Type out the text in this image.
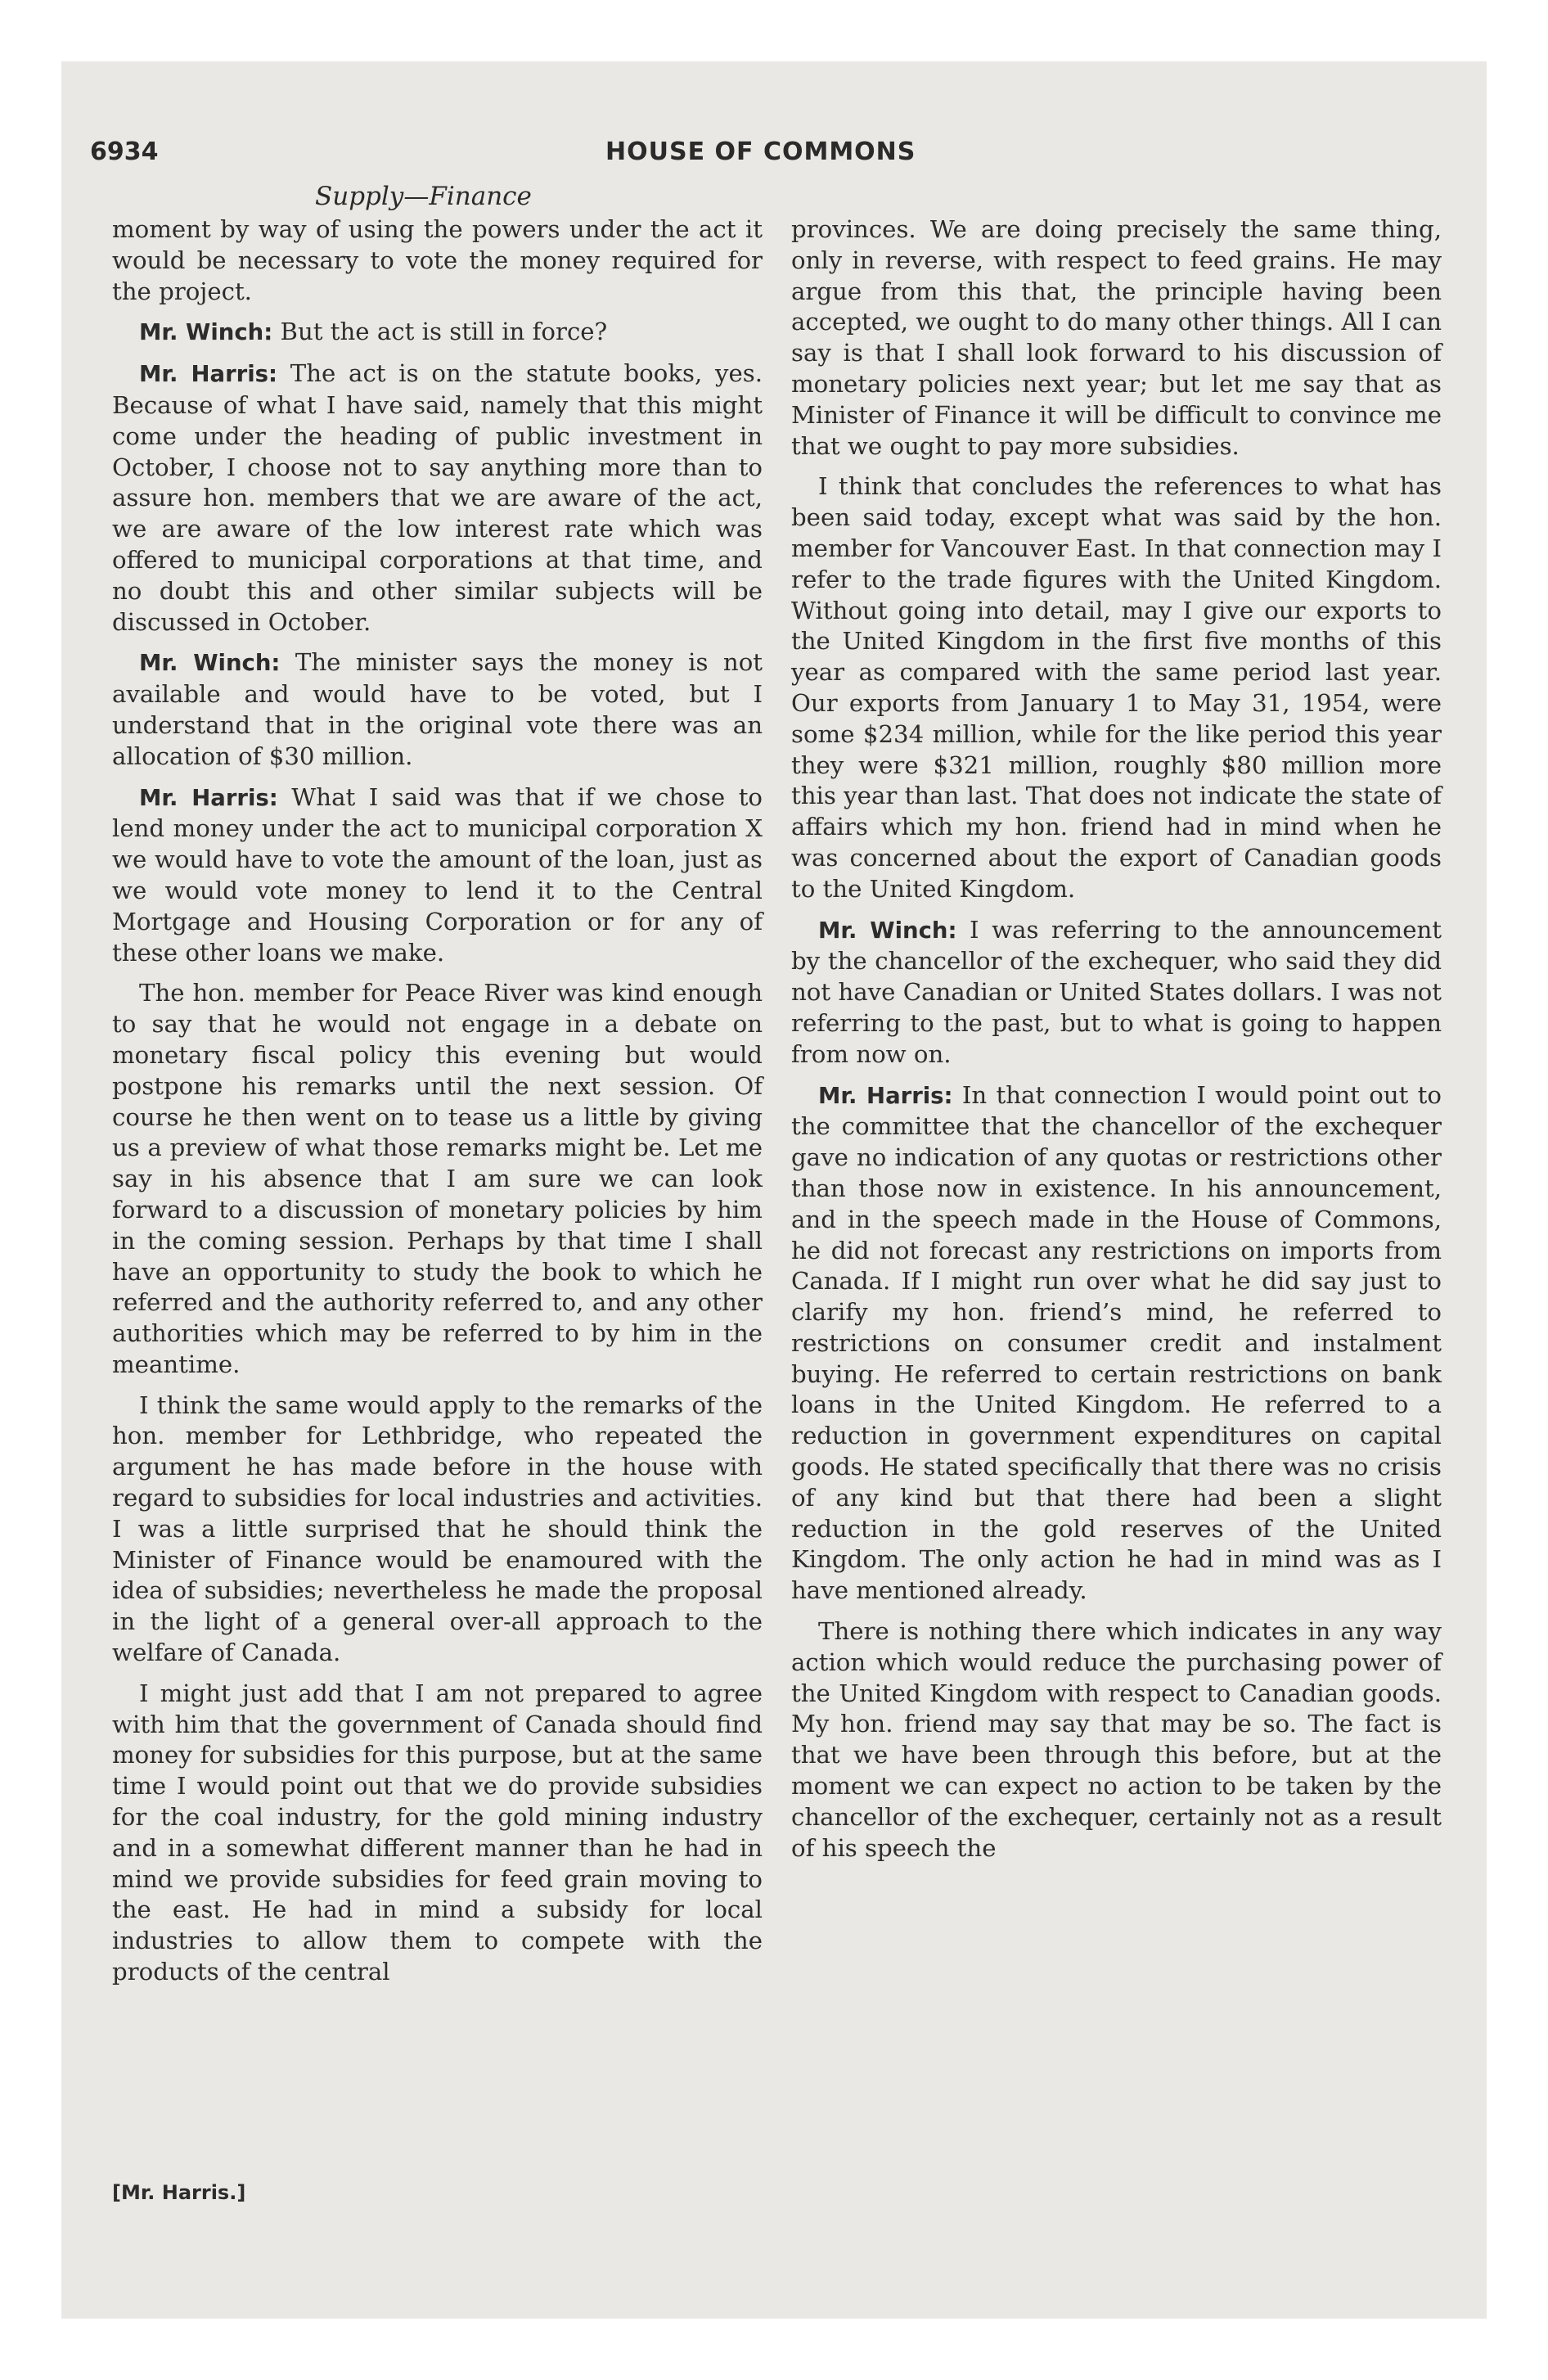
6934	HOUSE OF COMMONS
Supply—Finance

moment by way of using the powers under the act it would be necessary to vote the money required for the project.

Mr. Winch: But the act is still in force?

Mr. Harris: The act is on the statute books, yes. Because of what I have said, namely that this might come under the heading of public investment in October, I choose not to say anything more than to assure hon. members that we are aware of the act, we are aware of the low interest rate which was offered to municipal corporations at that time, and no doubt this and other similar subjects will be discussed in October.

Mr. Winch: The minister says the money is not available and would have to be voted, but I understand that in the original vote there was an allocation of $30 million.

Mr. Harris: What I said was that if we chose to lend money under the act to municipal corporation X we would have to vote the amount of the loan, just as we would vote money to lend it to the Central Mortgage and Housing Corporation or for any of these other loans we make.

The hon. member for Peace River was kind enough to say that he would not engage in a debate on monetary fiscal policy this evening but would postpone his remarks until the next session. Of course he then went on to tease us a little by giving us a preview of what those remarks might be. Let me say in his absence that I am sure we can look forward to a discussion of monetary policies by him in the coming session. Perhaps by that time I shall have an opportunity to study the book to which he referred and the authority referred to, and any other authorities which may be referred to by him in the meantime.

I think the same would apply to the remarks of the hon. member for Lethbridge, who repeated the argument he has made before in the house with regard to subsidies for local industries and activities. I was a little surprised that he should think the Minister of Finance would be enamoured with the idea of subsidies; nevertheless he made the proposal in the light of a general over-all approach to the welfare of Canada.

I might just add that I am not prepared to agree with him that the government of Canada should find money for subsidies for this purpose, but at the same time I would point out that we do provide subsidies for the coal industry, for the gold mining industry and in a somewhat different manner than he had in mind we provide subsidies for feed grain moving to the east. He had in mind a subsidy for local industries to allow them to compete with the products of the central

provinces. We are doing precisely the same thing, only in reverse, with respect to feed grains. He may argue from this that, the principle having been accepted, we ought to do many other things. All I can say is that I shall look forward to his discussion of monetary policies next year; but let me say that as Minister of Finance it will be difficult to convince me that we ought to pay more subsidies.

I think that concludes the references to what has been said today, except what was said by the hon. member for Vancouver East. In that connection may I refer to the trade figures with the United Kingdom. Without going into detail, may I give our exports to the United Kingdom in the first five months of this year as compared with the same period last year. Our exports from January 1 to May 31, 1954, were some $234 million, while for the like period this year they were $321 million, roughly $80 million more this year than last. That does not indicate the state of affairs which my hon. friend had in mind when he was concerned about the export of Canadian goods to the United Kingdom.

Mr. Winch: I was referring to the announcement by the chancellor of the exchequer, who said they did not have Canadian or United States dollars. I was not referring to the past, but to what is going to happen from now on.

Mr. Harris: In that connection I would point out to the committee that the chancellor of the exchequer gave no indication of any quotas or restrictions other than those now in existence. In his announcement, and in the speech made in the House of Commons, he did not forecast any restrictions on imports from Canada. If I might run over what he did say just to clarify my hon. friend’s mind, he referred to restrictions on consumer credit and instalment buying. He referred to certain restrictions on bank loans in the United Kingdom. He referred to a reduction in government expenditures on capital goods. He stated specifically that there was no crisis of any kind but that there had been a slight reduction in the gold reserves of the United Kingdom. The only action he had in mind was as I have mentioned already.

There is nothing there which indicates in any way action which would reduce the purchasing power of the United Kingdom with respect to Canadian goods. My hon. friend may say that may be so. The fact is that we have been through this before, but at the moment we can expect no action to be taken by the chancellor of the exchequer, certainly not as a result of his speech the

[Mr. Harris.]
